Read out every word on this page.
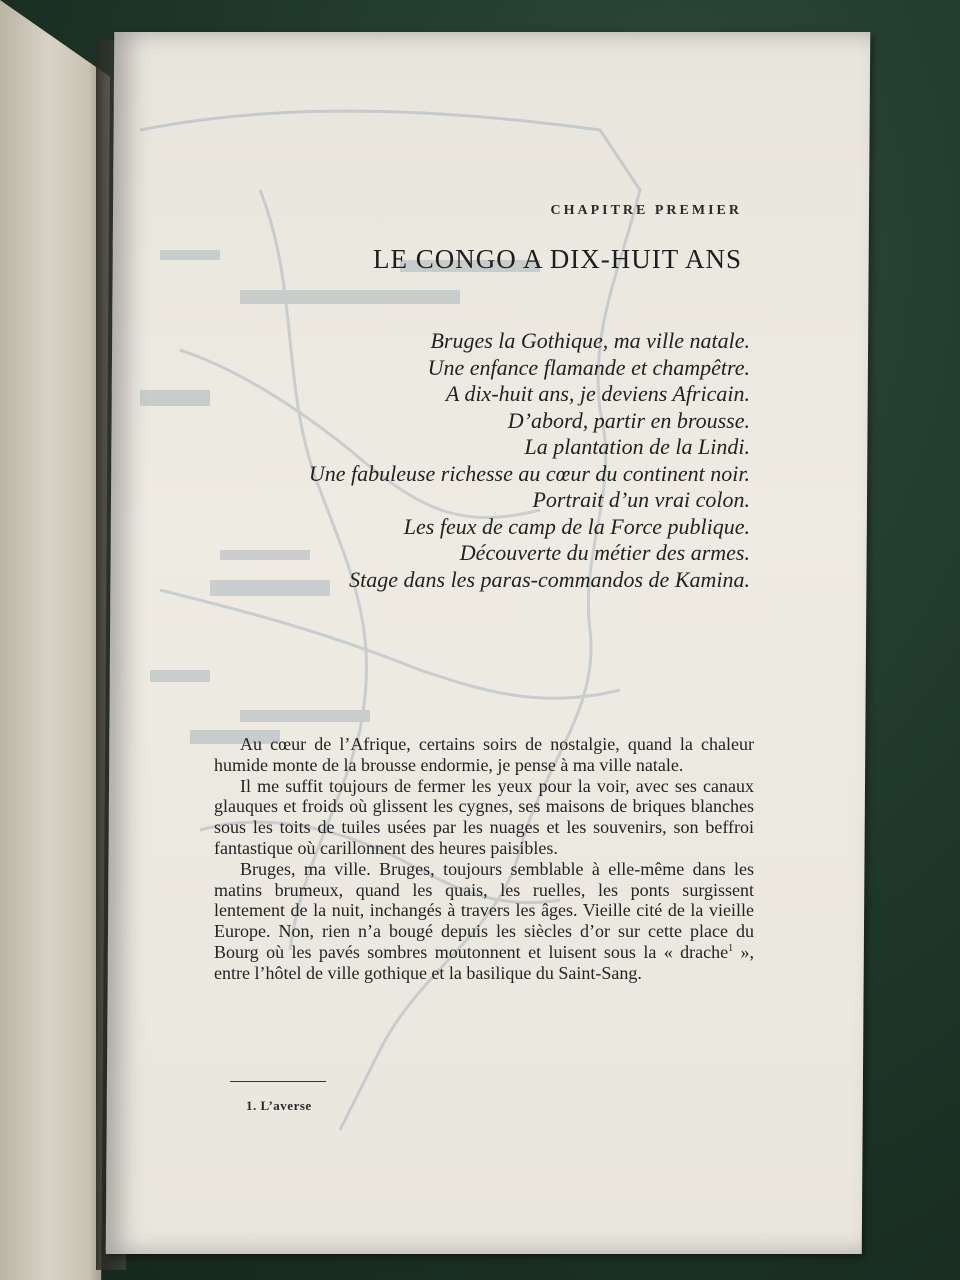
CHAPITRE PREMIER
LE CONGO A DIX-HUIT ANS
Bruges la Gothique, ma ville natale.
Une enfance flamande et champêtre.
A dix-huit ans, je deviens Africain.
D’abord, partir en brousse.
La plantation de la Lindi.
Une fabuleuse richesse au cœur du continent noir.
Portrait d’un vrai colon.
Les feux de camp de la Force publique.
Découverte du métier des armes.
Stage dans les paras-commandos de Kamina.

Au cœur de l’Afrique, certains soirs de nostalgie, quand la chaleur humide monte de la brousse endormie, je pense à ma ville natale.

Il me suffit toujours de fermer les yeux pour la voir, avec ses canaux glauques et froids où glissent les cygnes, ses maisons de briques blanches sous les toits de tuiles usées par les nuages et les souvenirs, son beffroi fantastique où carillonnent des heures paisibles.

Bruges, ma ville. Bruges, toujours semblable à elle-même dans les matins brumeux, quand les quais, les ruelles, les ponts surgissent lentement de la nuit, inchangés à travers les âges. Vieille cité de la vieille Europe. Non, rien n’a bougé depuis les siècles d’or sur cette place du Bourg où les pavés sombres moutonnent et luisent sous la « drache$^1$ », entre l’hôtel de ville gothique et la basilique du Saint-Sang.

1. L’averse
